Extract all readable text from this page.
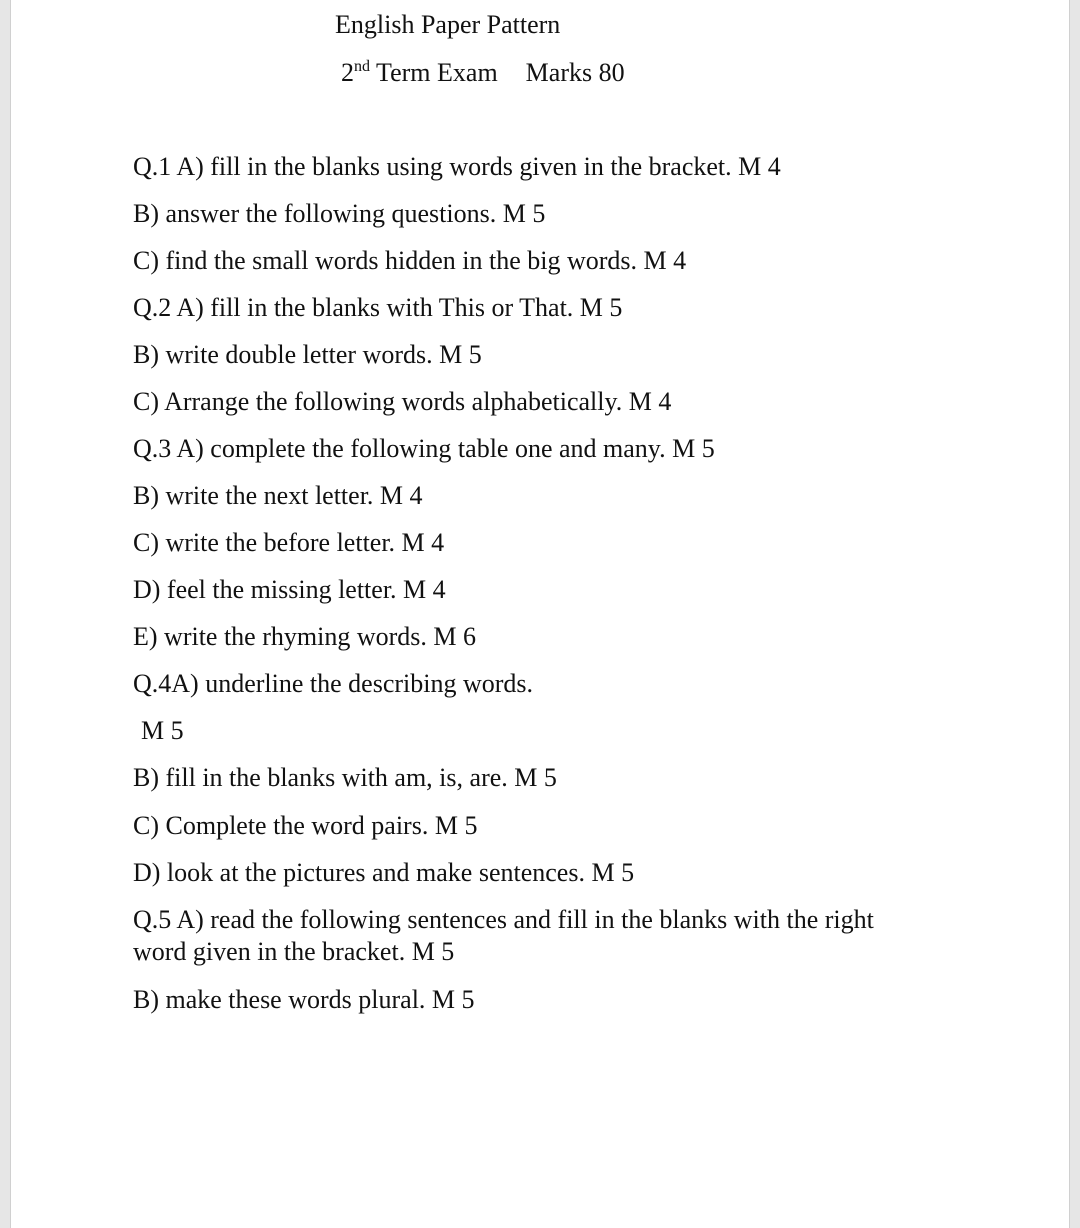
English Paper Pattern

2nd Term Exam Marks 80

Q.1 A) fill in the blanks using words given in the bracket. M 4

B) answer the following questions. M 5

C) find the small words hidden in the big words. M 4

Q.2 A) fill in the blanks with This or That. M 5

B) write double letter words. M 5

C) Arrange the following words alphabetically. M 4

Q.3 A) complete the following table one and many. M 5

B) write the next letter. M 4

C) write the before letter. M 4

D) feel the missing letter. M 4

E) write the rhyming words. M 6

Q.4A) underline the describing words.

M 5

B) fill in the blanks with am, is, are. M 5

C) Complete the word pairs. M 5

D) look at the pictures and make sentences. M 5

Q.5 A) read the following sentences and fill in the blanks with the right

word given in the bracket. M 5

B) make these words plural. M 5
